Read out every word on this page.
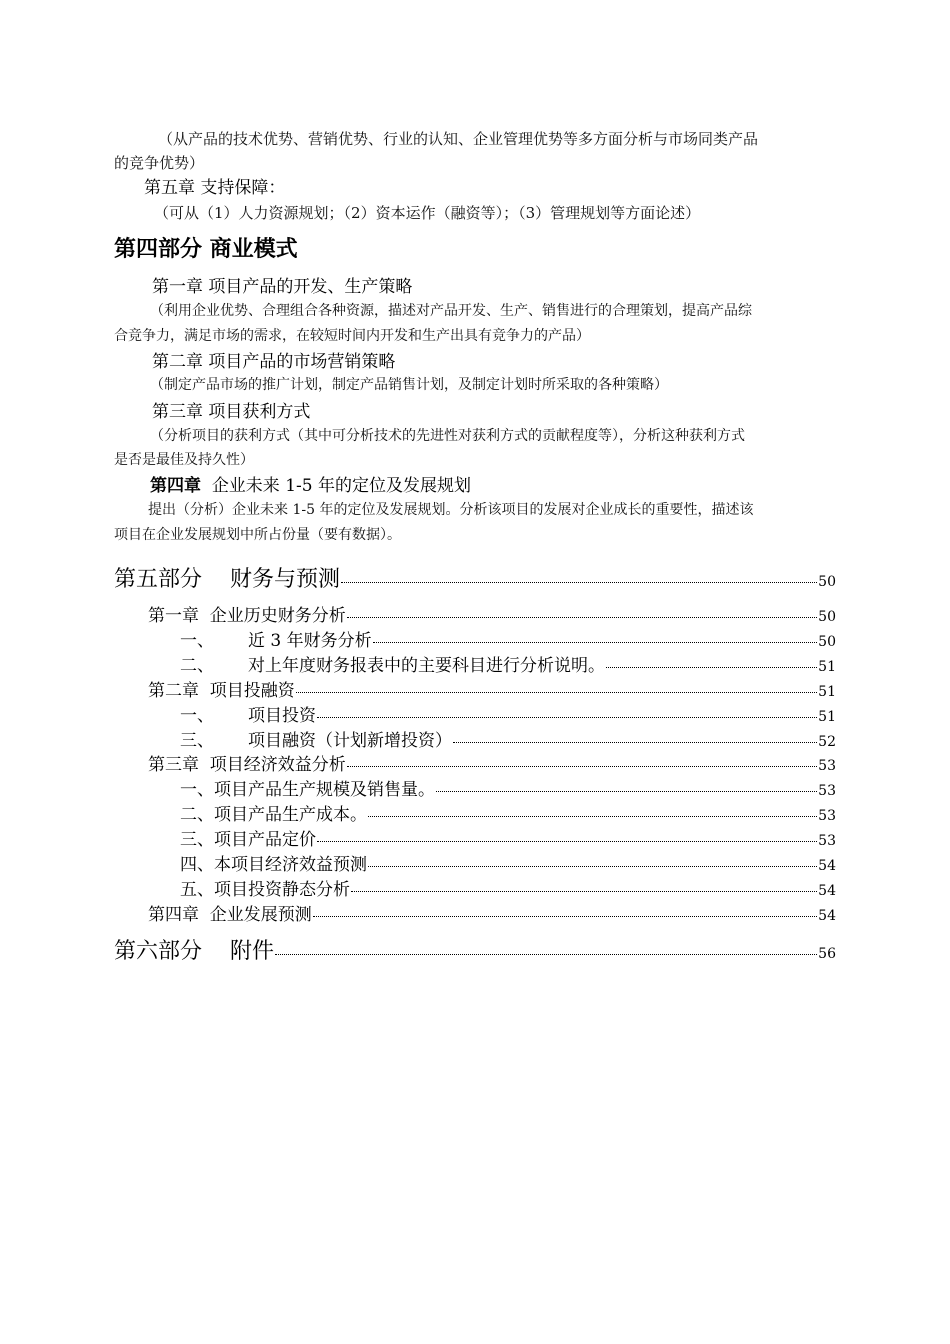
（从产品的技术优势、营销优势、行业的认知、企业管理优势等多方面分析与市场同类产品
的竞争优势）
第五章 支持保障：
（可从（1）人力资源规划；（2）资本运作（融资等）；（3）管理规划等方面论述）
第四部分 商业模式
第一章 项目产品的开发、生产策略
（利用企业优势、合理组合各种资源，描述对产品开发、生产、销售进行的合理策划，提高产品综
合竞争力，满足市场的需求，在较短时间内开发和生产出具有竞争力的产品）
第二章 项目产品的市场营销策略
（制定产品市场的推广计划，制定产品销售计划，及制定计划时所采取的各种策略）
第三章 项目获利方式
（分析项目的获利方式（其中可分析技术的先进性对获利方式的贡献程度等），分析这种获利方式
是否是最佳及持久性）
第四章 企业未来 1-5 年的定位及发展规划
提出（分析）企业未来 1-5 年的定位及发展规划。分析该项目的发展对企业成长的重要性，描述该
项目在企业发展规划中所占份量（要有数据）。
第五部分    财务与预测	50
第一章  企业历史财务分析	50
一、 近 3 年财务分析	50
二、 对上年度财务报表中的主要科目进行分析说明。	51
第二章  项目投融资	51
一、 项目投资	51
三、 项目融资（计划新增投资）	52
第三章  项目经济效益分析	53
一、项目产品生产规模及销售量。	53
二、项目产品生产成本。	53
三、项目产品定价	53
四、本项目经济效益预测	54
五、项目投资静态分析	54
第四章  企业发展预测	54
第六部分    附件	56
